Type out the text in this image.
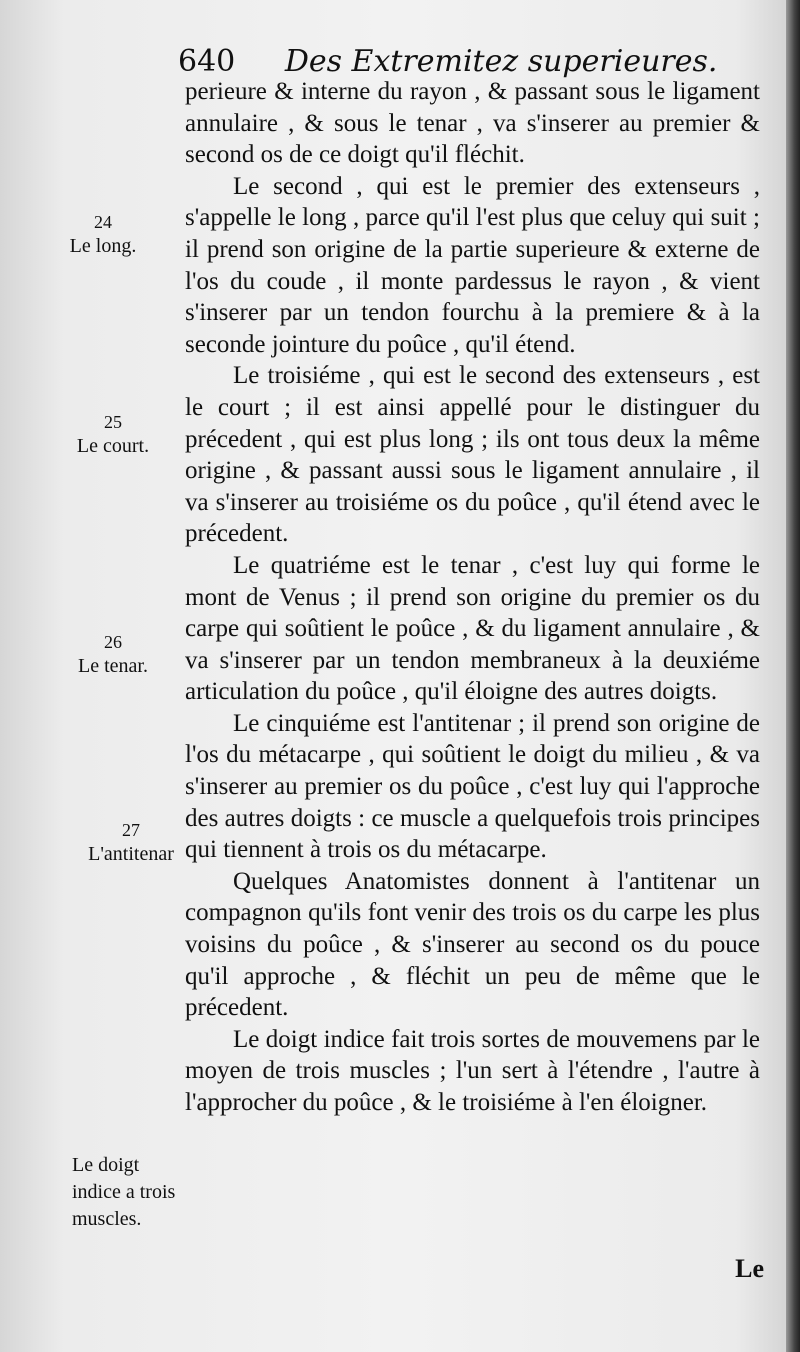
640 Des Extremitez superieures.
24
Le long.
25
Le court.
26
Le tenar.
27
L'antitenar
Le doigt indice a trois muscles.

perieure & interne du rayon , & passant sous le ligament annulaire , & sous le tenar , va s'inserer au premier & second os de ce doigt qu'il fléchit.

Le second , qui est le premier des extenseurs , s'appelle le long , parce qu'il l'est plus que celuy qui suit ; il prend son origine de la partie superieure & externe de l'os du coude , il monte pardessus le rayon , & vient s'inserer par un tendon fourchu à la premiere & à la seconde jointure du poûce , qu'il étend.

Le troisiéme , qui est le second des extenseurs , est le court ; il est ainsi appellé pour le distinguer du précedent , qui est plus long ; ils ont tous deux la même origine , & passant aussi sous le ligament annulaire , il va s'inserer au troisiéme os du poûce , qu'il étend avec le précedent.

Le quatriéme est le tenar , c'est luy qui forme le mont de Venus ; il prend son origine du premier os du carpe qui soûtient le poûce , & du ligament annulaire , & va s'inserer par un tendon membraneux à la deuxiéme articulation du poûce , qu'il éloigne des autres doigts.

Le cinquiéme est l'antitenar ; il prend son origine de l'os du métacarpe , qui soûtient le doigt du milieu , & va s'inserer au premier os du poûce , c'est luy qui l'approche des autres doigts : ce muscle a quelquefois trois principes qui tiennent à trois os du métacarpe.

Quelques Anatomistes donnent à l'antitenar un compagnon qu'ils font venir des trois os du carpe les plus voisins du poûce , & s'inserer au second os du pouce qu'il approche , & fléchit un peu de même que le précedent.

Le doigt indice fait trois sortes de mouvemens par le moyen de trois muscles ; l'un sert à l'étendre , l'autre à l'approcher du poûce , & le troisiéme à l'en éloigner.

Le
